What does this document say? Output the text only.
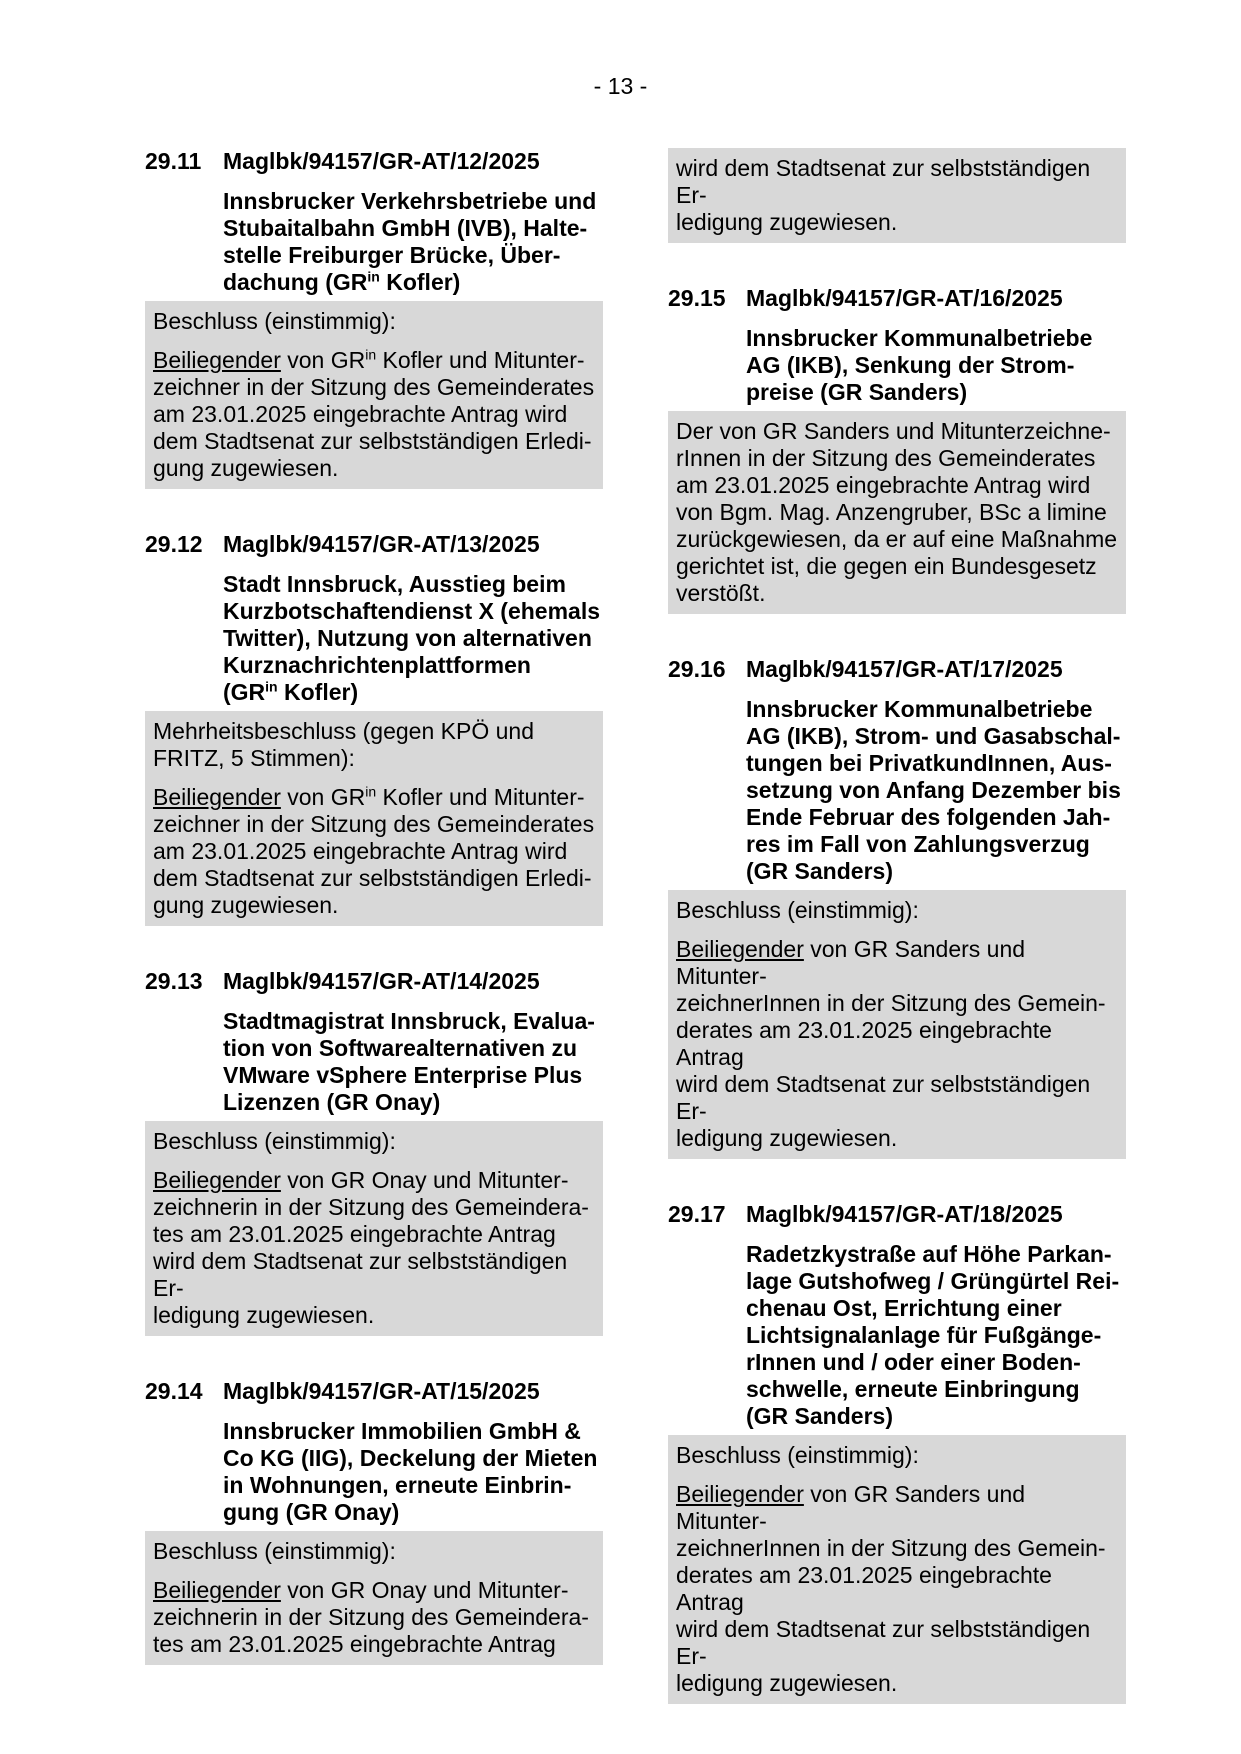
- 13 -
29.11 Maglbk/94157/GR-AT/12/2025
Innsbrucker Verkehrsbetriebe und
Stubaitalbahn GmbH (IVB), Halte-
stelle Freiburger Brücke, Über-
dachung ($GR^{in}$ Kofler)
Beschluss (einstimmig):
Beiliegender von $GR^{in}$ Kofler und Mitunter-
zeichner in der Sitzung des Gemeinderates
am 23.01.2025 eingebrachte Antrag wird
dem Stadtsenat zur selbstständigen Erledi-
gung zugewiesen.
29.12 Maglbk/94157/GR-AT/13/2025
Stadt Innsbruck, Ausstieg beim
Kurzbotschaftendienst X (ehemals
Twitter), Nutzung von alternativen
Kurznachrichtenplattformen
($GR^{in}$ Kofler)
Mehrheitsbeschluss (gegen KPÖ und
FRITZ, 5 Stimmen):
Beiliegender von $GR^{in}$ Kofler und Mitunter-
zeichner in der Sitzung des Gemeinderates
am 23.01.2025 eingebrachte Antrag wird
dem Stadtsenat zur selbstständigen Erledi-
gung zugewiesen.
29.13 Maglbk/94157/GR-AT/14/2025
Stadtmagistrat Innsbruck, Evalua-
tion von Softwarealternativen zu
VMware vSphere Enterprise Plus
Lizenzen (GR Onay)
Beschluss (einstimmig):
Beiliegender von GR Onay und Mitunter-
zeichnerin in der Sitzung des Gemeindera-
tes am 23.01.2025 eingebrachte Antrag
wird dem Stadtsenat zur selbstständigen Er-
ledigung zugewiesen.
29.14 Maglbk/94157/GR-AT/15/2025
Innsbrucker Immobilien GmbH &
Co KG (IIG), Deckelung der Mieten
in Wohnungen, erneute Einbrin-
gung (GR Onay)
Beschluss (einstimmig):
Beiliegender von GR Onay und Mitunter-
zeichnerin in der Sitzung des Gemeindera-
tes am 23.01.2025 eingebrachte Antrag
wird dem Stadtsenat zur selbstständigen Er-
ledigung zugewiesen.
29.15 Maglbk/94157/GR-AT/16/2025
Innsbrucker Kommunalbetriebe
AG (IKB), Senkung der Strom-
preise (GR Sanders)
Der von GR Sanders und Mitunterzeichne-
rInnen in der Sitzung des Gemeinderates
am 23.01.2025 eingebrachte Antrag wird
von Bgm. Mag. Anzengruber, BSc a limine
zurückgewiesen, da er auf eine Maßnahme
gerichtet ist, die gegen ein Bundesgesetz
verstößt.
29.16 Maglbk/94157/GR-AT/17/2025
Innsbrucker Kommunalbetriebe
AG (IKB), Strom- und Gasabschal-
tungen bei PrivatkundInnen, Aus-
setzung von Anfang Dezember bis
Ende Februar des folgenden Jah-
res im Fall von Zahlungsverzug
(GR Sanders)
Beschluss (einstimmig):
Beiliegender von GR Sanders und Mitunter-
zeichnerInnen in der Sitzung des Gemein-
derates am 23.01.2025 eingebrachte Antrag
wird dem Stadtsenat zur selbstständigen Er-
ledigung zugewiesen.
29.17 Maglbk/94157/GR-AT/18/2025
Radetzkystraße auf Höhe Parkan-
lage Gutshofweg / Grüngürtel Rei-
chenau Ost, Errichtung einer
Lichtsignalanlage für Fußgänge-
rInnen und / oder einer Boden-
schwelle, erneute Einbringung
(GR Sanders)
Beschluss (einstimmig):
Beiliegender von GR Sanders und Mitunter-
zeichnerInnen in der Sitzung des Gemein-
derates am 23.01.2025 eingebrachte Antrag
wird dem Stadtsenat zur selbstständigen Er-
ledigung zugewiesen.
